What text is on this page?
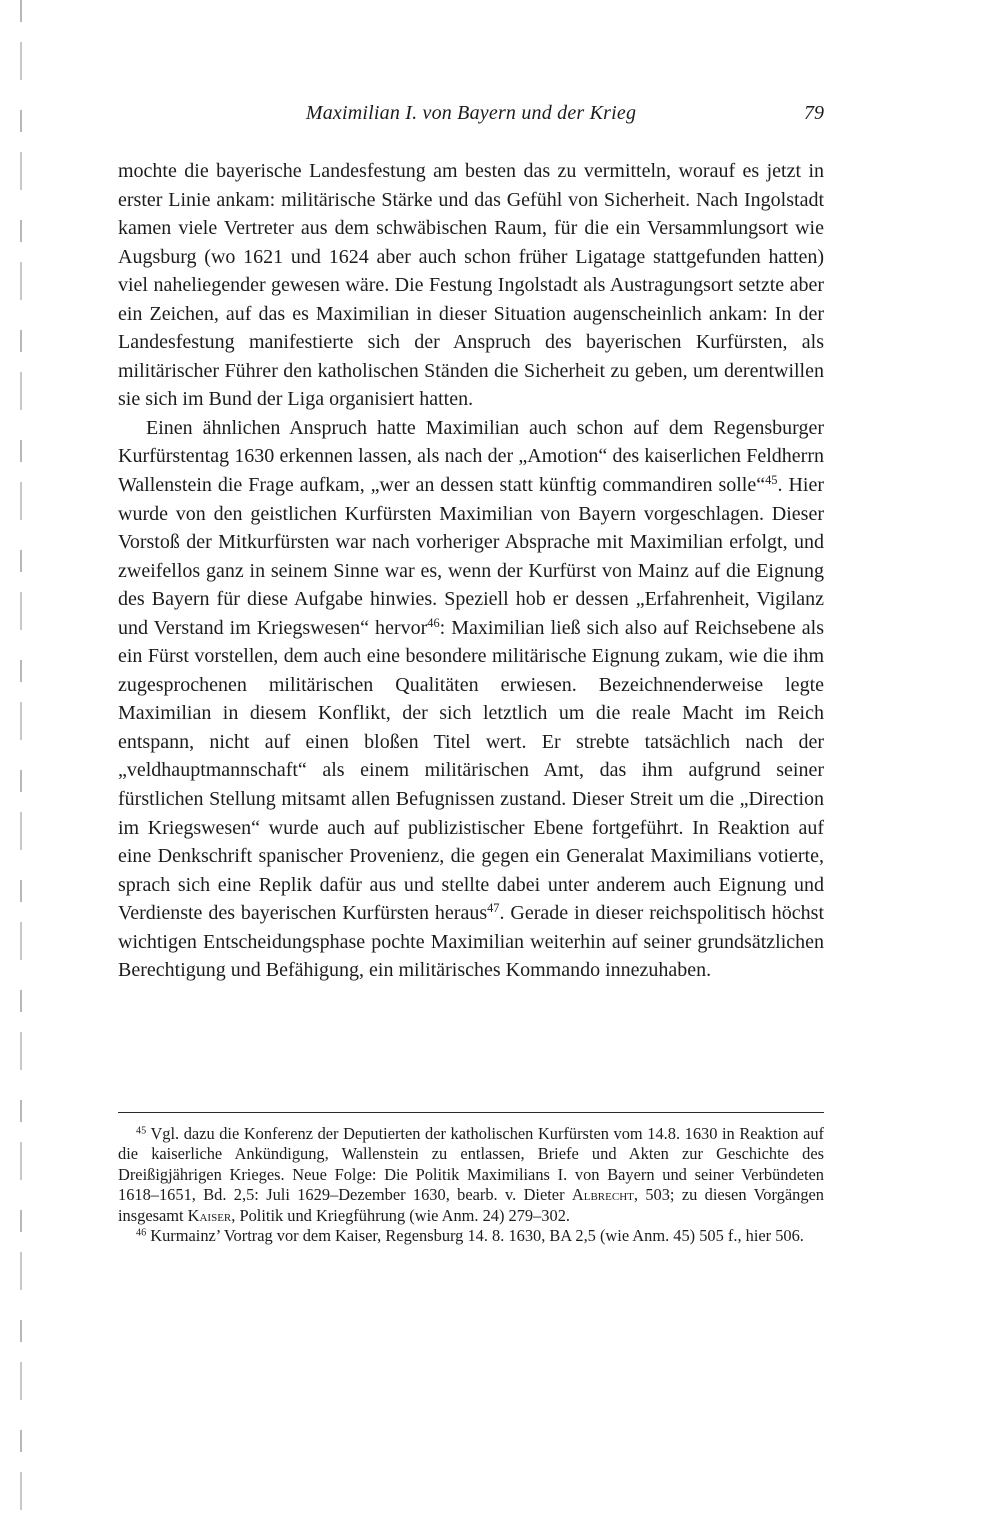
Maximilian I. von Bayern und der Krieg	79

mochte die bayerische Landesfestung am besten das zu vermitteln, worauf es jetzt in erster Linie ankam: militärische Stärke und das Gefühl von Sicherheit. Nach Ingolstadt kamen viele Vertreter aus dem schwäbischen Raum, für die ein Versammlungsort wie Augsburg (wo 1621 und 1624 aber auch schon früher Ligatage stattgefunden hatten) viel naheliegender gewesen wäre. Die Festung Ingolstadt als Austragungsort setzte aber ein Zeichen, auf das es Maximilian in dieser Situation augenscheinlich ankam: In der Landesfestung manifestierte sich der Anspruch des bayerischen Kurfürsten, als militärischer Führer den katholischen Ständen die Sicherheit zu geben, um derentwillen sie sich im Bund der Liga organisiert hatten.

Einen ähnlichen Anspruch hatte Maximilian auch schon auf dem Regensburger Kurfürstentag 1630 erkennen lassen, als nach der „Amotion“ des kaiserlichen Feldherrn Wallenstein die Frage aufkam, „wer an dessen statt künftig commandiren solle“$^{45}$. Hier wurde von den geistlichen Kurfürsten Maximilian von Bayern vorgeschlagen. Dieser Vorstoß der Mitkurfürsten war nach vorheriger Absprache mit Maximilian erfolgt, und zweifellos ganz in seinem Sinne war es, wenn der Kurfürst von Mainz auf die Eignung des Bayern für diese Aufgabe hinwies. Speziell hob er dessen „Erfahrenheit, Vigilanz und Verstand im Kriegswesen“ hervor$^{46}$: Maximilian ließ sich also auf Reichsebene als ein Fürst vorstellen, dem auch eine besondere militärische Eignung zukam, wie die ihm zugesprochenen militärischen Qualitäten erwiesen. Bezeichnenderweise legte Maximilian in diesem Konflikt, der sich letztlich um die reale Macht im Reich entspann, nicht auf einen bloßen Titel wert. Er strebte tatsächlich nach der „veldhauptmannschaft“ als einem militärischen Amt, das ihm aufgrund seiner fürstlichen Stellung mitsamt allen Befugnissen zustand. Dieser Streit um die „Direction im Kriegswesen“ wurde auch auf publizistischer Ebene fortgeführt. In Reaktion auf eine Denkschrift spanischer Provenienz, die gegen ein Generalat Maximilians votierte, sprach sich eine Replik dafür aus und stellte dabei unter anderem auch Eignung und Verdienste des bayerischen Kurfürsten heraus$^{47}$. Gerade in dieser reichspolitisch höchst wichtigen Entscheidungsphase pochte Maximilian weiterhin auf seiner grundsätzlichen Berechtigung und Befähigung, ein militärisches Kommando innezuhaben.

$^{45}$ Vgl. dazu die Konferenz der Deputierten der katholischen Kurfürsten vom 14.8. 1630 in Reaktion auf die kaiserliche Ankündigung, Wallenstein zu entlassen, Briefe und Akten zur Geschichte des Dreißigjährigen Krieges. Neue Folge: Die Politik Maximilians I. von Bayern und seiner Verbündeten 1618–1651, Bd. 2,5: Juli 1629–Dezember 1630, bearb. v. Dieter Albrecht, 503; zu diesen Vorgängen insgesamt Kaiser, Politik und Kriegführung (wie Anm. 24) 279–302.

$^{46}$ Kurmainz’ Vortrag vor dem Kaiser, Regensburg 14. 8. 1630, BA 2,5 (wie Anm. 45) 505 f., hier 506.
